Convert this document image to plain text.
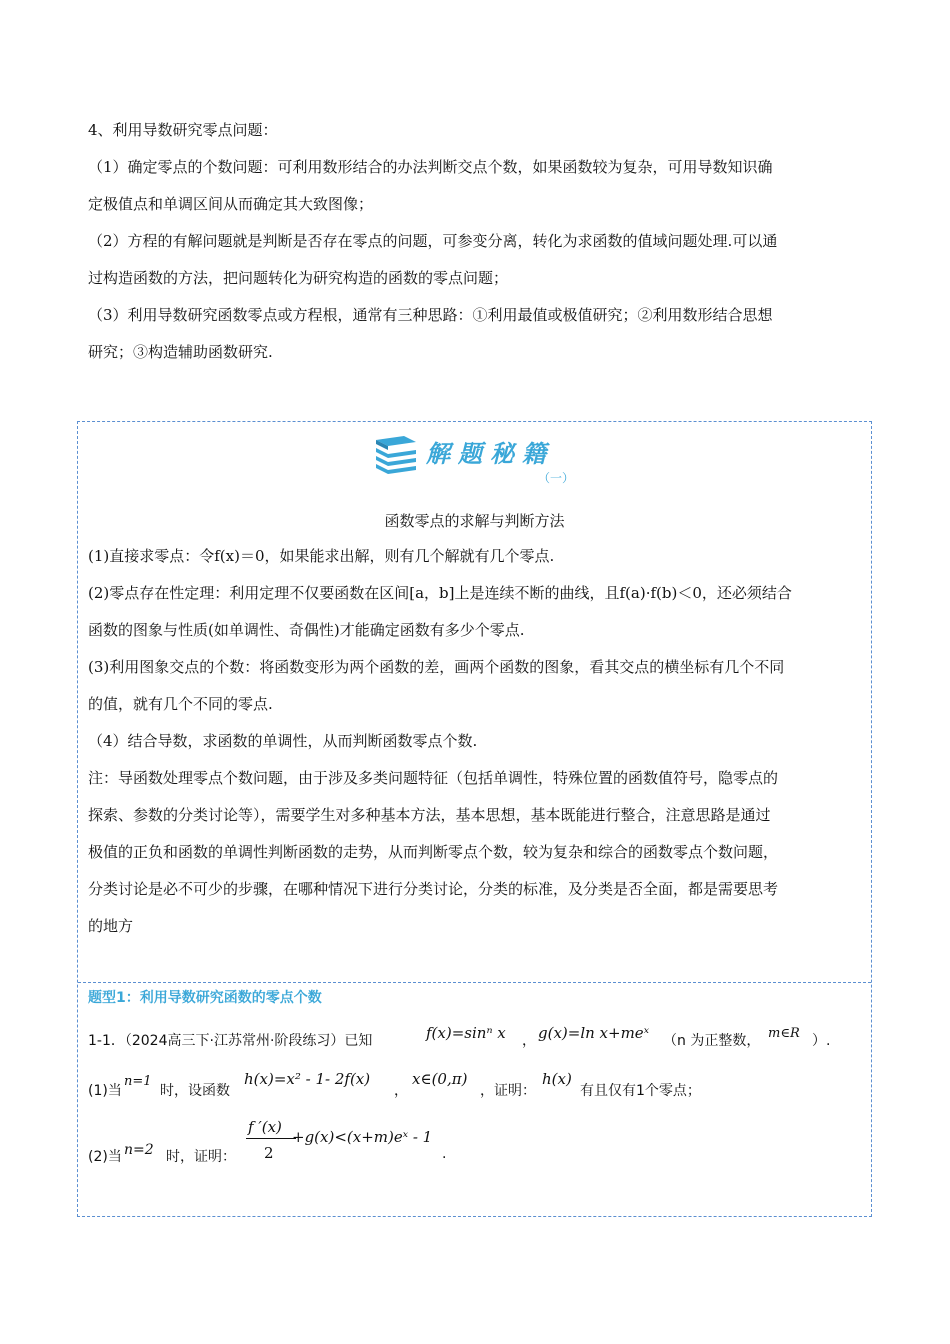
4、利用导数研究零点问题：

（1）确定零点的个数问题：可利用数形结合的办法判断交点个数，如果函数较为复杂，可用导数知识确

定极值点和单调区间从而确定其大致图像；

（2）方程的有解问题就是判断是否存在零点的问题，可参变分离，转化为求函数的值域问题处理.可以通

过构造函数的方法，把问题转化为研究构造的函数的零点问题；

（3）利用导数研究函数零点或方程根，通常有三种思路：①利用最值或极值研究；②利用数形结合思想

研究；③构造辅助函数研究.

解题秘籍
（一）
函数零点的求解与判断方法

(1)直接求零点：令f(x)＝0，如果能求出解，则有几个解就有几个零点.

(2)零点存在性定理：利用定理不仅要函数在区间[a，b]上是连续不断的曲线，且f(a)·f(b)＜0，还必须结合

函数的图象与性质(如单调性、奇偶性)才能确定函数有多少个零点.

(3)利用图象交点的个数：将函数变形为两个函数的差，画两个函数的图象，看其交点的横坐标有几个不同

的值，就有几个不同的零点.

（4）结合导数，求函数的单调性，从而判断函数零点个数.

注：导函数处理零点个数问题，由于涉及多类问题特征（包括单调性，特殊位置的函数值符号，隐零点的

探索、参数的分类讨论等），需要学生对多种基本方法，基本思想，基本既能进行整合，注意思路是通过

极值的正负和函数的单调性判断函数的走势，从而判断零点个数，较为复杂和综合的函数零点个数问题，

分类讨论是必不可少的步骤，在哪种情况下进行分类讨论，分类的标准，及分类是否全面，都是需要思考

的地方

题型1：利用导数研究函数的零点个数
1-1．（2024高三下·江苏常州·阶段练习）已知	f(x)=sinⁿ x ， g(x)=ln x+meˣ （n 为正整数， m∈R ）.
(1)当
n=1
时，设函数
h(x)=x² - 1- 2f(x)
，
x∈(0,π)
，证明：
h(x)
有且仅有1个零点；
(2)当 n=2 时，证明：
f ′(x)
2
+g(x)<(x+m)eˣ - 1
.
